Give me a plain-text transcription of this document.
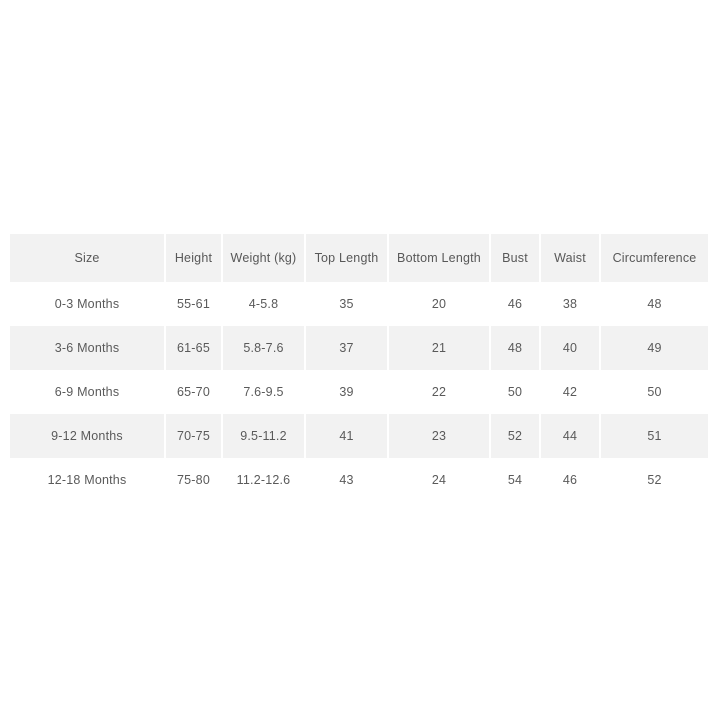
Size	Height	Weight (kg)	Top Length	Bottom Length	Bust	Waist	Circumference
0-3 Months	55-61	4-5.8	35	20	46	38	48
3-6 Months	61-65	5.8-7.6	37	21	48	40	49
6-9 Months	65-70	7.6-9.5	39	22	50	42	50
9-12 Months	70-75	9.5-11.2	41	23	52	44	51
12-18 Months	75-80	11.2-12.6	43	24	54	46	52
